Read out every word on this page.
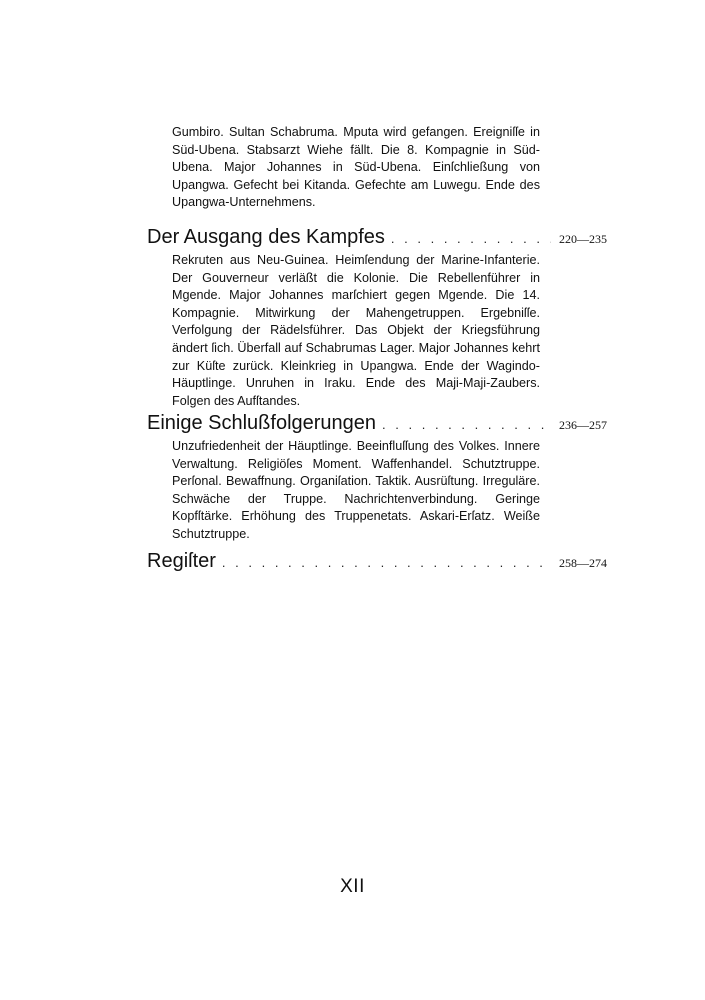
Gumbiro. Sultan Schabruma. Mputa wird gefangen. Ereigniſſe in Süd-Ubena. Stabsarzt Wiehe fällt. Die 8. Kompagnie in Süd-Ubena. Major Johannes in Süd-Ubena. Einſchließung von Upangwa. Gefecht bei Kitanda. Gefechte am Luwegu. Ende des Upangwa-Unternehmens.

Der Ausgang des Kampfes . . .	220—235

Rekruten aus Neu-Guinea. Heimſendung der Marine-Infanterie. Der Gouverneur verläßt die Kolonie. Die Rebellenführer in Mgende. Major Johannes marſchiert gegen Mgende. Die 14. Kompagnie. Mitwirkung der Mahengetruppen. Ergebniſſe. Verfolgung der Rädelsführer. Das Objekt der Kriegsführung ändert ſich. Überfall auf Schabrumas Lager. Major Johannes kehrt zur Küſte zurück. Kleinkrieg in Upangwa. Ende der Wagindo-Häuptlinge. Unruhen in Iraku. Ende des Maji-Maji-Zaubers. Folgen des Aufſtandes.

Einige Schlußfolgerungen . . .	236—257

Unzufriedenheit der Häuptlinge. Beeinfluſſung des Volkes. Innere Verwaltung. Religiöſes Moment. Waffenhandel. Schutztruppe. Perſonal. Bewaffnung. Organiſation. Taktik. Ausrüſtung. Irreguläre. Schwäche der Truppe. Nachrichtenverbindung. Geringe Kopfſtärke. Erhöhung des Truppenetats. Askari-Erſatz. Weiße Schutztruppe.

Regiſter . . .	258—274
XII
